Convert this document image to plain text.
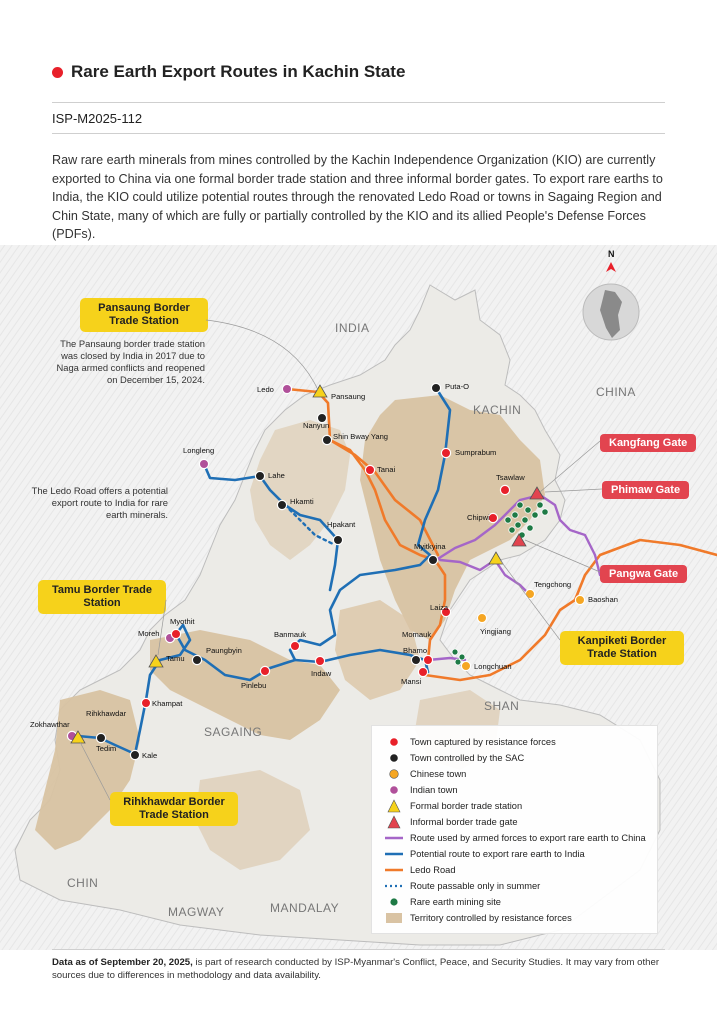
Rare Earth Export Routes in Kachin State
ISP-M2025-112
Raw rare earth minerals from mines controlled by the Kachin Independence Organization (KIO) are currently exported to China via one formal border trade station and three informal border gates. To export rare earths to India, the KIO could utilize potential routes through the renovated Ledo Road or towns in Sagaing Region and Chin State, many of which are fully or partially controlled by the KIO and its allied People's Defense Forces (PDFs).
N
INDIA
CHINA
KACHIN
SAGAING
SHAN
CHIN
MAGWAY	MANDALAY
Pansaung Border Trade Station
The Pansaung border trade station was closed by India in 2017 due to Naga armed conflicts and reopened on December 15, 2024.
The Ledo Road offers a potential export route to India for rare earth minerals.
Tamu Border Trade Station
Rihkhawdar Border Trade Station
Kanpiketi Border Trade Station
Kangfang Gate
Phimaw Gate
Pangwa Gate
Ledo
Pansaung
Nanyun
Shin Bway Yang
Puta-O
Sumprabum
Tanai
Longleng
Lahe
Hkamti
Hpakant
Tsawlaw
Chipwi
Myitkyina
Tengchong
Baoshan
Laiza
Yingjiang
Momauk
Bhamo
Longchuan
Mansi
Myothit
Moreh
Tamu
Paungbyin
Banmauk
Indaw
Pinlebu
Khampat
Zokhawthar
Rihkhawdar
Tedim
Kale
Town captured by resistance forces
Town controlled by the SAC
Chinese town
Indian town
Formal border trade station
Informal border trade gate
Route used by armed forces to export rare earth to China
Potential route to export rare earth to India
Ledo Road
Route passable only in summer
Rare earth mining site
Territory controlled by resistance forces
Data as of September 20, 2025, is part of research conducted by ISP-Myanmar's Conflict, Peace, and Security Studies. It may vary from other sources due to differences in methodology and data availability.
